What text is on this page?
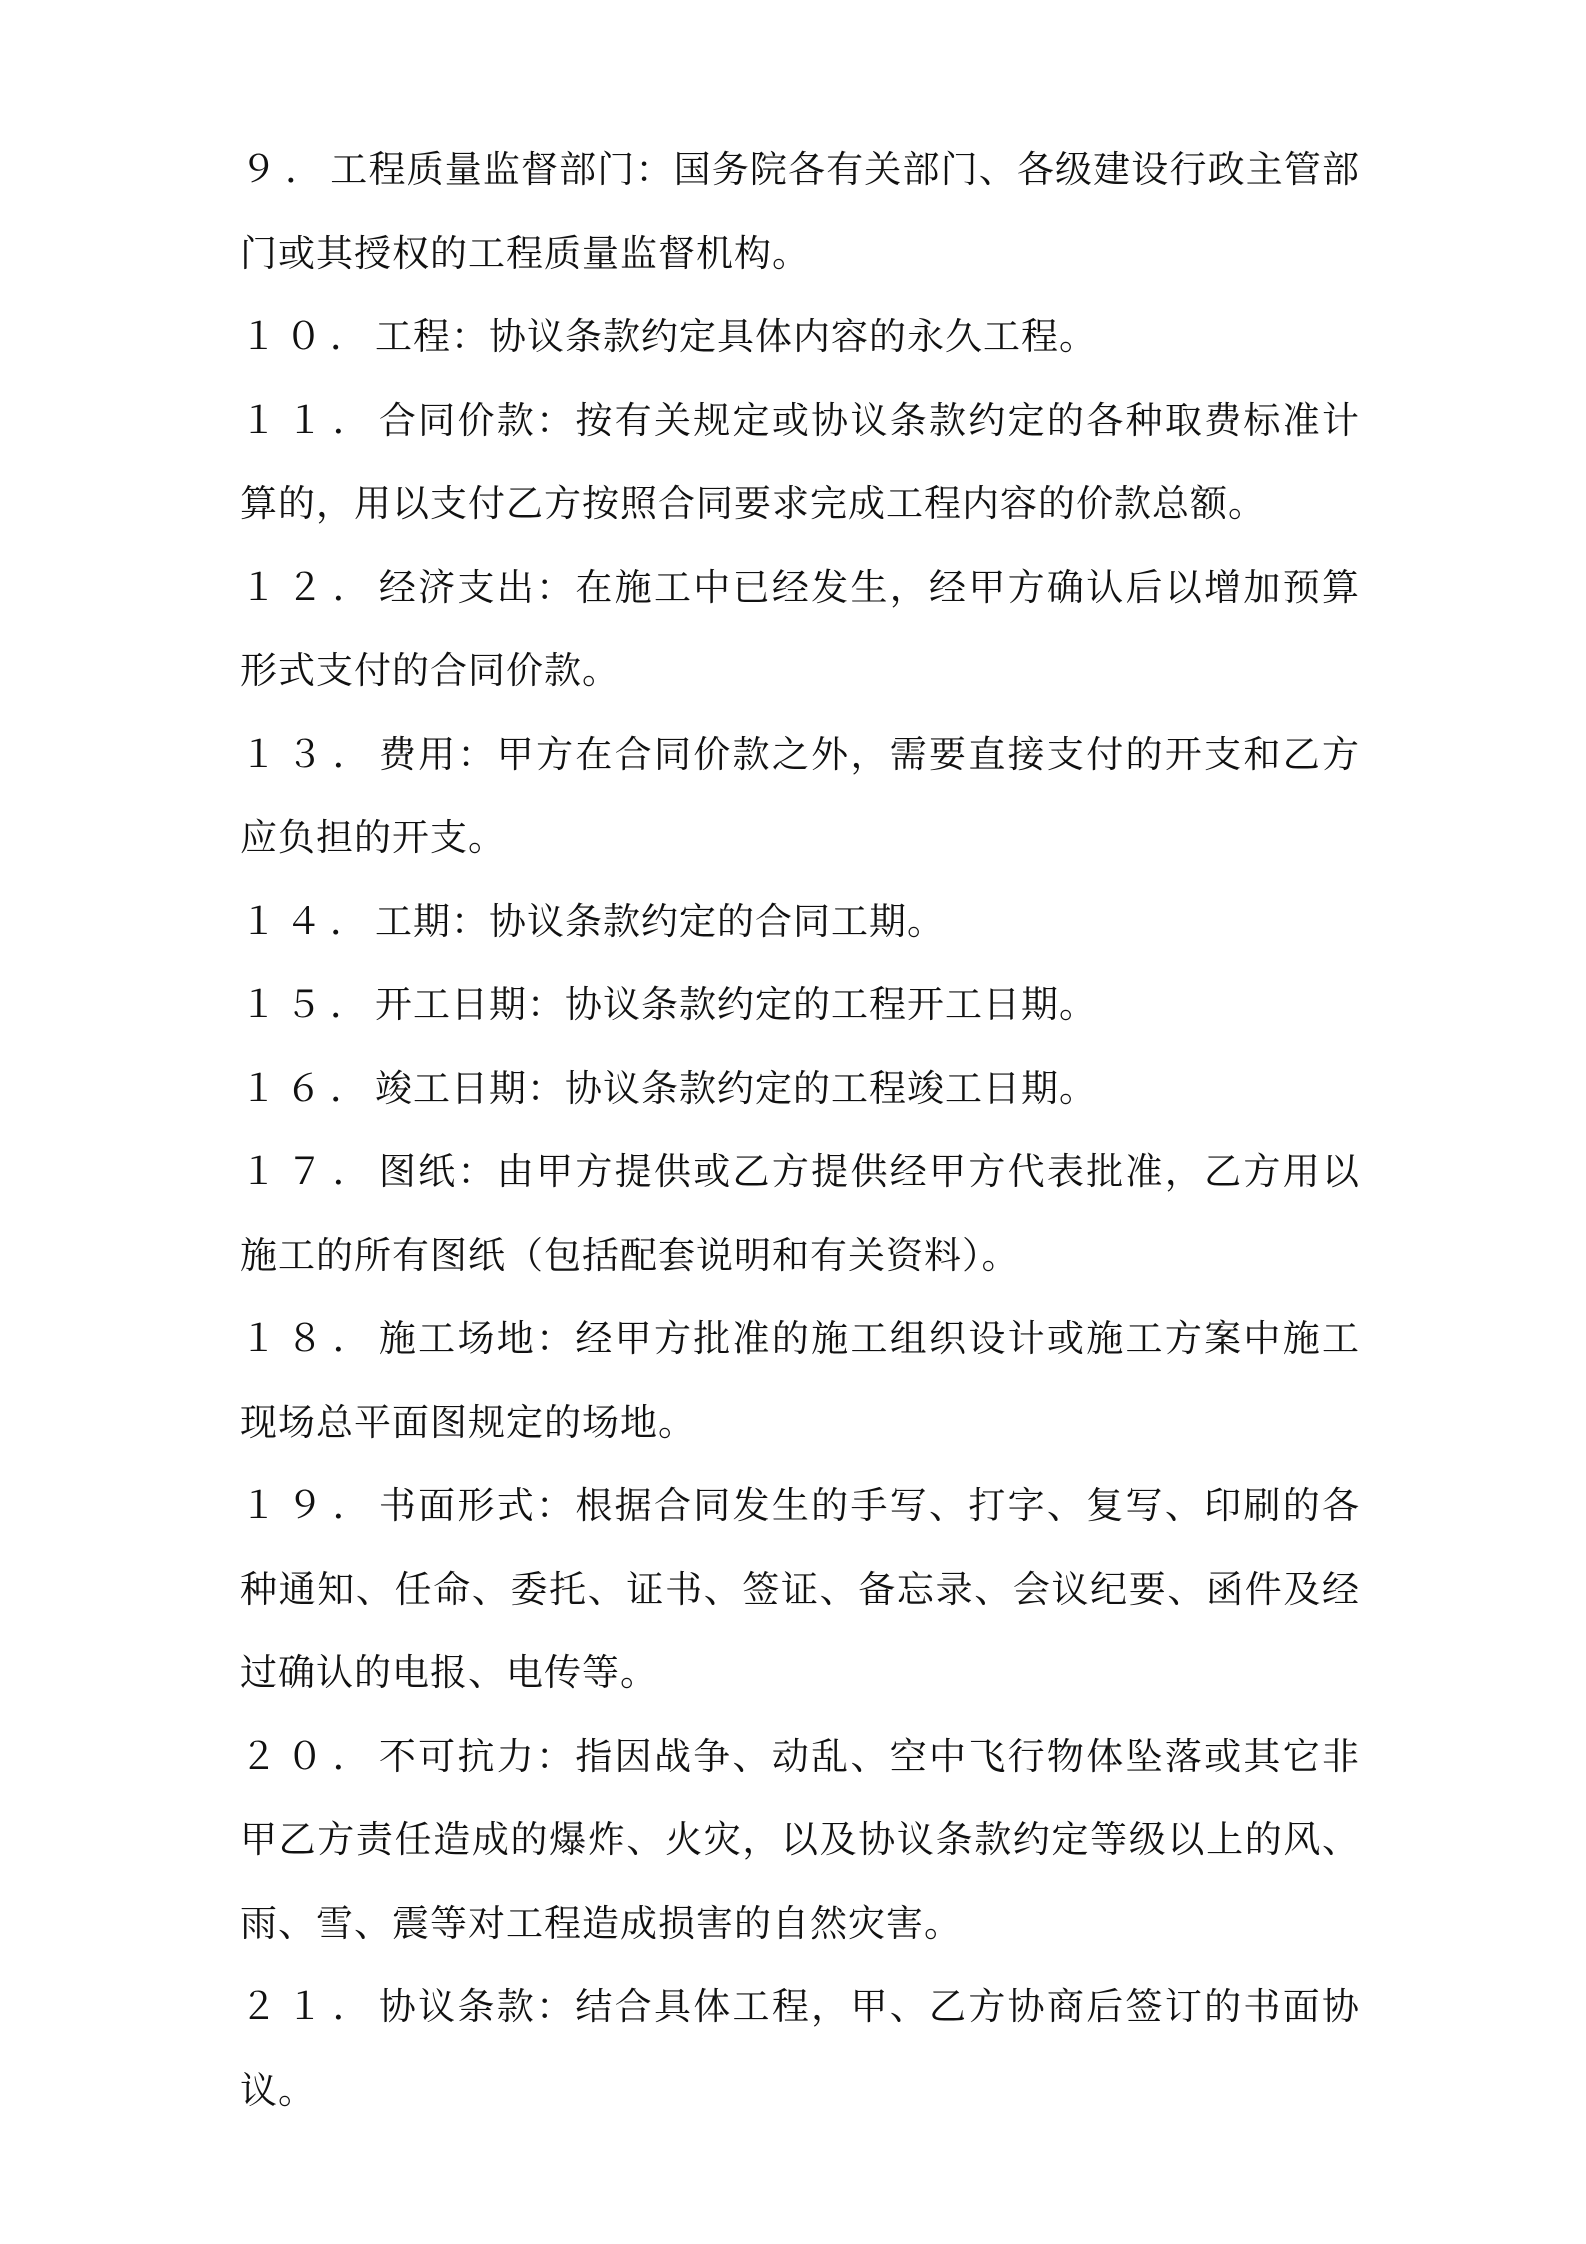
９．工程质量监督部门：国务院各有关部门、各级建设行政主管部门或其授权的工程质量监督机构。

１０．工程：协议条款约定具体内容的永久工程。

１１．合同价款：按有关规定或协议条款约定的各种取费标准计算的，用以支付乙方按照合同要求完成工程内容的价款总额。

１２．经济支出：在施工中已经发生，经甲方确认后以增加预算形式支付的合同价款。

１３．费用：甲方在合同价款之外，需要直接支付的开支和乙方应负担的开支。

１４．工期：协议条款约定的合同工期。

１５．开工日期：协议条款约定的工程开工日期。

１６．竣工日期：协议条款约定的工程竣工日期。

１７．图纸：由甲方提供或乙方提供经甲方代表批准，乙方用以施工的所有图纸（包括配套说明和有关资料）。

１８．施工场地：经甲方批准的施工组织设计或施工方案中施工现场总平面图规定的场地。

１９．书面形式：根据合同发生的手写、打字、复写、印刷的各种通知、任命、委托、证书、签证、备忘录、会议纪要、函件及经过确认的电报、电传等。

２０．不可抗力：指因战争、动乱、空中飞行物体坠落或其它非甲乙方责任造成的爆炸、火灾，以及协议条款约定等级以上的风、雨、雪、震等对工程造成损害的自然灾害。

２１．协议条款：结合具体工程，甲、乙方协商后签订的书面协议。
